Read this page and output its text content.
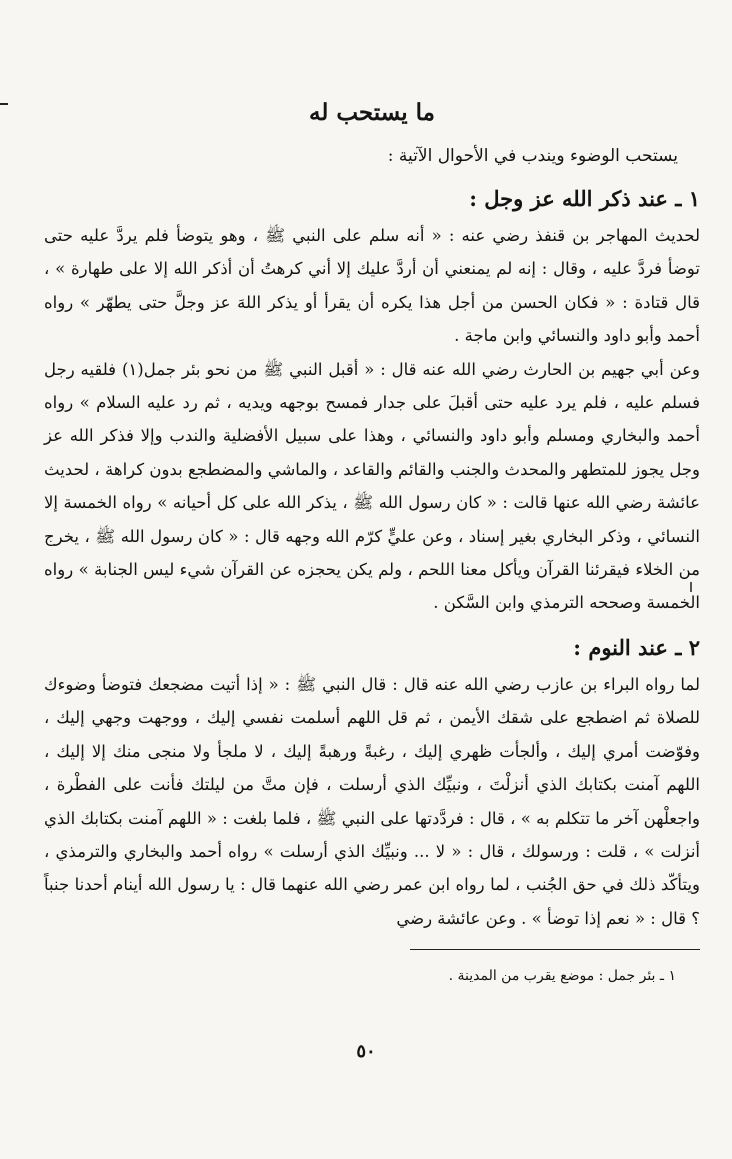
ما يستحب له

يستحب الوضوء ويندب في الأحوال الآتية :

١ ـ عند ذكر الله عز وجل :

لحديث المهاجر بن قنفذ رضي عنه : « أنه سلم على النبي ﷺ ، وهو يتوضأ فلم يردَّ عليه حتى توضأ فردَّ عليه ، وقال : إنه لم يمنعني أن أردَّ عليك إلا أني كرهتُ أن أذكر الله إلا على طهارة » ، قال قتادة : « فكان الحسن من أجل هذا يكره أن يقرأ أو يذكر اللهَ عز وجلَّ حتى يطهّر » رواه أحمد وأبو داود والنسائي وابن ماجة .

وعن أبي جهيم بن الحارث رضي الله عنه قال : « أقبل النبي ﷺ من نحو بئر جمل(١) فلقيه رجل فسلم عليه ، فلم يرد عليه حتى أقبلَ على جدار فمسح بوجهه ويديه ، ثم رد عليه السلام » رواه أحمد والبخاري ومسلم وأبو داود والنسائي ، وهذا على سبيل الأفضلية والندب وإلا فذكر الله عز وجل يجوز للمتطهر والمحدث والجنب والقائم والقاعد ، والماشي والمضطجع بدون كراهة ، لحديث عائشة رضي الله عنها قالت : « كان رسول الله ﷺ ، يذكر الله على كل أحيانه » رواه الخمسة إلا النسائي ، وذكر البخاري بغير إسناد ، وعن عليٍّ كرّم الله وجهه قال : « كان رسول الله ﷺ ، يخرج من الخلاء فيقرئنا القرآن ويأكل معنا اللحم ، ولم يكن يحجزه عن القرآن شيء ليس الجنابة » رواه الخمسة وصححه الترمذي وابن السَّكن .

٢ ـ عند النوم :

لما رواه البراء بن عازب رضي الله عنه قال : قال النبي ﷺ : « إذا أتيت مضجعك فتوضأ وضوءك للصلاة ثم اضطجع على شقك الأيمن ، ثم قل اللهم أسلمت نفسي إليك ، ووجهت وجهي إليك ، وفوّضت أمري إليك ، وألجأت ظهري إليك ، رغبةً ورهبةً إليك ، لا ملجأ ولا منجى منك إلا إليك ، اللهم آمنت بكتابك الذي أنزلْتَ ، ونبيِّك الذي أرسلت ، فإن متَّ من ليلتك فأنت على الفطْرة ، واجعلْهن آخر ما تتكلم به » ، قال : فردَّدتها على النبي ﷺ ، فلما بلغت : « اللهم آمنت بكتابك الذي أنزلت » ، قلت : ورسولك ، قال : « لا ... ونبيِّك الذي أرسلت » رواه أحمد والبخاري والترمذي ، ويتأكّد ذلك في حق الجُنب ، لما رواه ابن عمر رضي الله عنهما قال : يا رسول الله أينام أحدنا جنباً ؟ قال : « نعم إذا توضأ » . وعن عائشة رضي

١ ـ بئر جمل : موضع يقرب من المدينة .

٥٠
